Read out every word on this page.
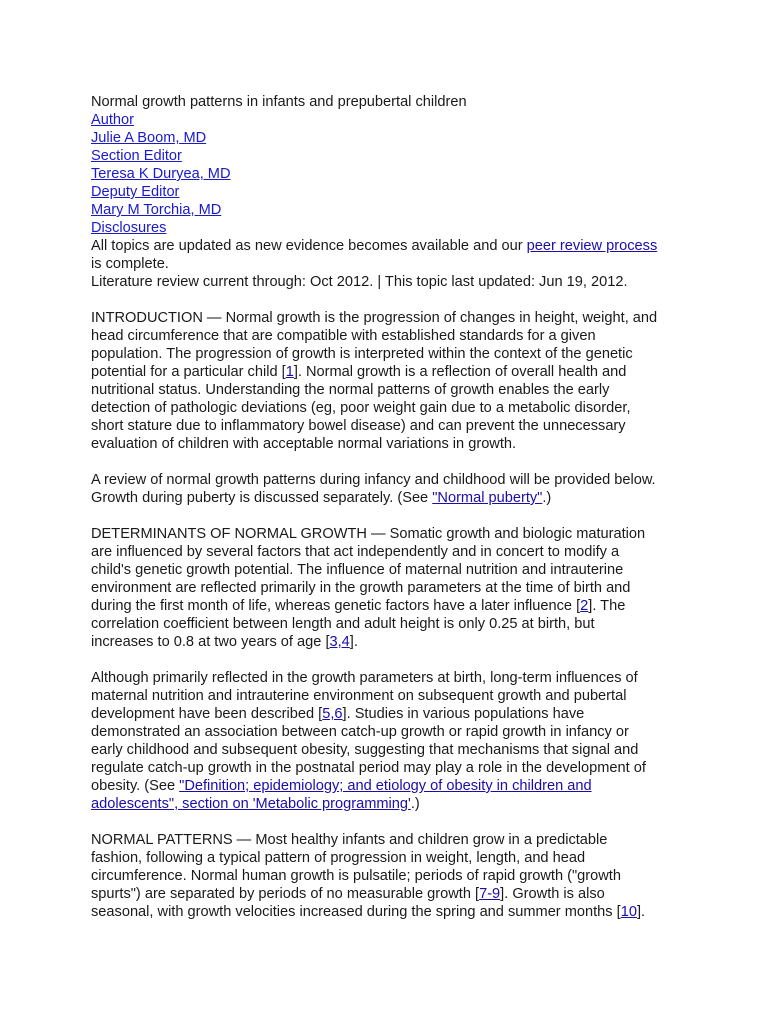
Normal growth patterns in infants and prepubertal children
Author
Julie A Boom, MD
Section Editor
Teresa K Duryea, MD
Deputy Editor
Mary M Torchia, MD
Disclosures
All topics are updated as new evidence becomes available and our peer review process
is complete.
Literature review current through: Oct 2012. | This topic last updated: Jun 19, 2012.
INTRODUCTION — Normal growth is the progression of changes in height, weight, and
head circumference that are compatible with established standards for a given
population. The progression of growth is interpreted within the context of the genetic
potential for a particular child [1]. Normal growth is a reflection of overall health and
nutritional status. Understanding the normal patterns of growth enables the early
detection of pathologic deviations (eg, poor weight gain due to a metabolic disorder,
short stature due to inflammatory bowel disease) and can prevent the unnecessary
evaluation of children with acceptable normal variations in growth.
A review of normal growth patterns during infancy and childhood will be provided below.
Growth during puberty is discussed separately. (See "Normal puberty".)
DETERMINANTS OF NORMAL GROWTH — Somatic growth and biologic maturation
are influenced by several factors that act independently and in concert to modify a
child's genetic growth potential. The influence of maternal nutrition and intrauterine
environment are reflected primarily in the growth parameters at the time of birth and
during the first month of life, whereas genetic factors have a later influence [2]. The
correlation coefficient between length and adult height is only 0.25 at birth, but
increases to 0.8 at two years of age [3,4].
Although primarily reflected in the growth parameters at birth, long-term influences of
maternal nutrition and intrauterine environment on subsequent growth and pubertal
development have been described [5,6]. Studies in various populations have
demonstrated an association between catch-up growth or rapid growth in infancy or
early childhood and subsequent obesity, suggesting that mechanisms that signal and
regulate catch-up growth in the postnatal period may play a role in the development of
obesity. (See "Definition; epidemiology; and etiology of obesity in children and
adolescents", section on 'Metabolic programming'.)
NORMAL PATTERNS — Most healthy infants and children grow in a predictable
fashion, following a typical pattern of progression in weight, length, and head
circumference. Normal human growth is pulsatile; periods of rapid growth ("growth
spurts") are separated by periods of no measurable growth [7-9]. Growth is also
seasonal, with growth velocities increased during the spring and summer months [10].
